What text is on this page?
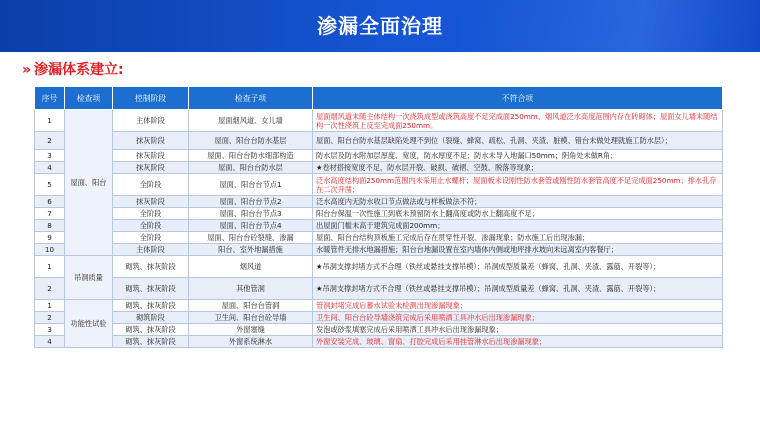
渗漏全面治理
» 渗漏体系建立:
序号	检查项	控制阶段	检查子项	不符合项
1	屋面、阳台	主体阶段	屋面烟风道、女儿墙	屋面烟风道未随主体结构一次浇筑成型或浇筑高度不足完成面250mm、烟风道泛水高度范围内存在砖砌体；屋面女儿墙未随结构一次性浇筑上反至完成面250mm。
2		抹灰阶段	屋面、阳台台防水基层	屋面、阳台台防水基层缺陷处理不到位（裂缝、蜂窝、疏松、孔洞、夹渣、脏模、错台未做处理就施工防水层）；
3		抹灰阶段	屋面、阳台台防水细部构造	防水层及防水附加层厚度、宽度，防水厚度不足；防水未导入地漏口50mm；阴角处未做R角；
4		抹灰阶段	屋面、阳台台防水层	★卷材搭接宽度不足，防水层开裂、破损、破褶、空鼓、脱落等现象；
5		全阶段	屋面、阳台台节点1	泛水高度结构面250mm范围内未采用止水螺杆；屋面板未设刚性防水套管或刚性防水套管高度不足完成面250mm；排水孔存在二次开凿；
6		抹灰阶段	屋面、阳台台节点2	泛水高度内无防水收口节点做法或与样板做法不符；
7		全阶段	屋面、阳台台节点3	阳台台保温一次性施工到底未预留防水上翻高度或防水上翻高度不足；
8		全阶段	屋面、阳台台节点4	出屋面门槛未高于建筑完成面200mm；
9		全阶段	屋面、阳台台砼裂缝、渗漏	屋面、阳台台结构顶板施工完成后存在贯穿性开裂、渗漏现象；防水施工后出现渗漏；
10		主体阶段	阳台、室外地漏措施	水暖管件无排水地漏措施；阳台台地漏设置在室内墙体内侧或地坪排水坡向未远离室内客餐厅；
1	吊洞质量	砌筑、抹灰阶段	烟风道	★吊洞支撑封堵方式不合理（铁丝或悬挂支撑吊模）；吊洞成型质量差（蜂窝、孔洞、夹渣、露筋、开裂等）；
2		砌筑、抹灰阶段	其他管洞	★吊洞支撑封堵方式不合理（铁丝或悬挂支撑吊模）；吊洞成型质量差（蜂窝、孔洞、夹渣、露筋、开裂等）；
1	功能性试验	砌筑、抹灰阶段	屋面、阳台台管洞	管洞封堵完成后蓄水试验未检测出现渗漏现象；
2		砌筑阶段	卫生间、阳台台砼导墙	卫生间、阳台台砼导墙浇筑完成后采用喷洒工具冲水后出现渗漏现象；
3		砌筑、抹灰阶段	外窗塞缝	发泡或砂浆填塞完成后采用喷洒工具冲水后出现渗漏现象；
4		砌筑、抹灰阶段	外窗系统淋水	外窗安装完成、玻璃、窗扇、打胶完成后采用挂管淋水后出现渗漏现象；
